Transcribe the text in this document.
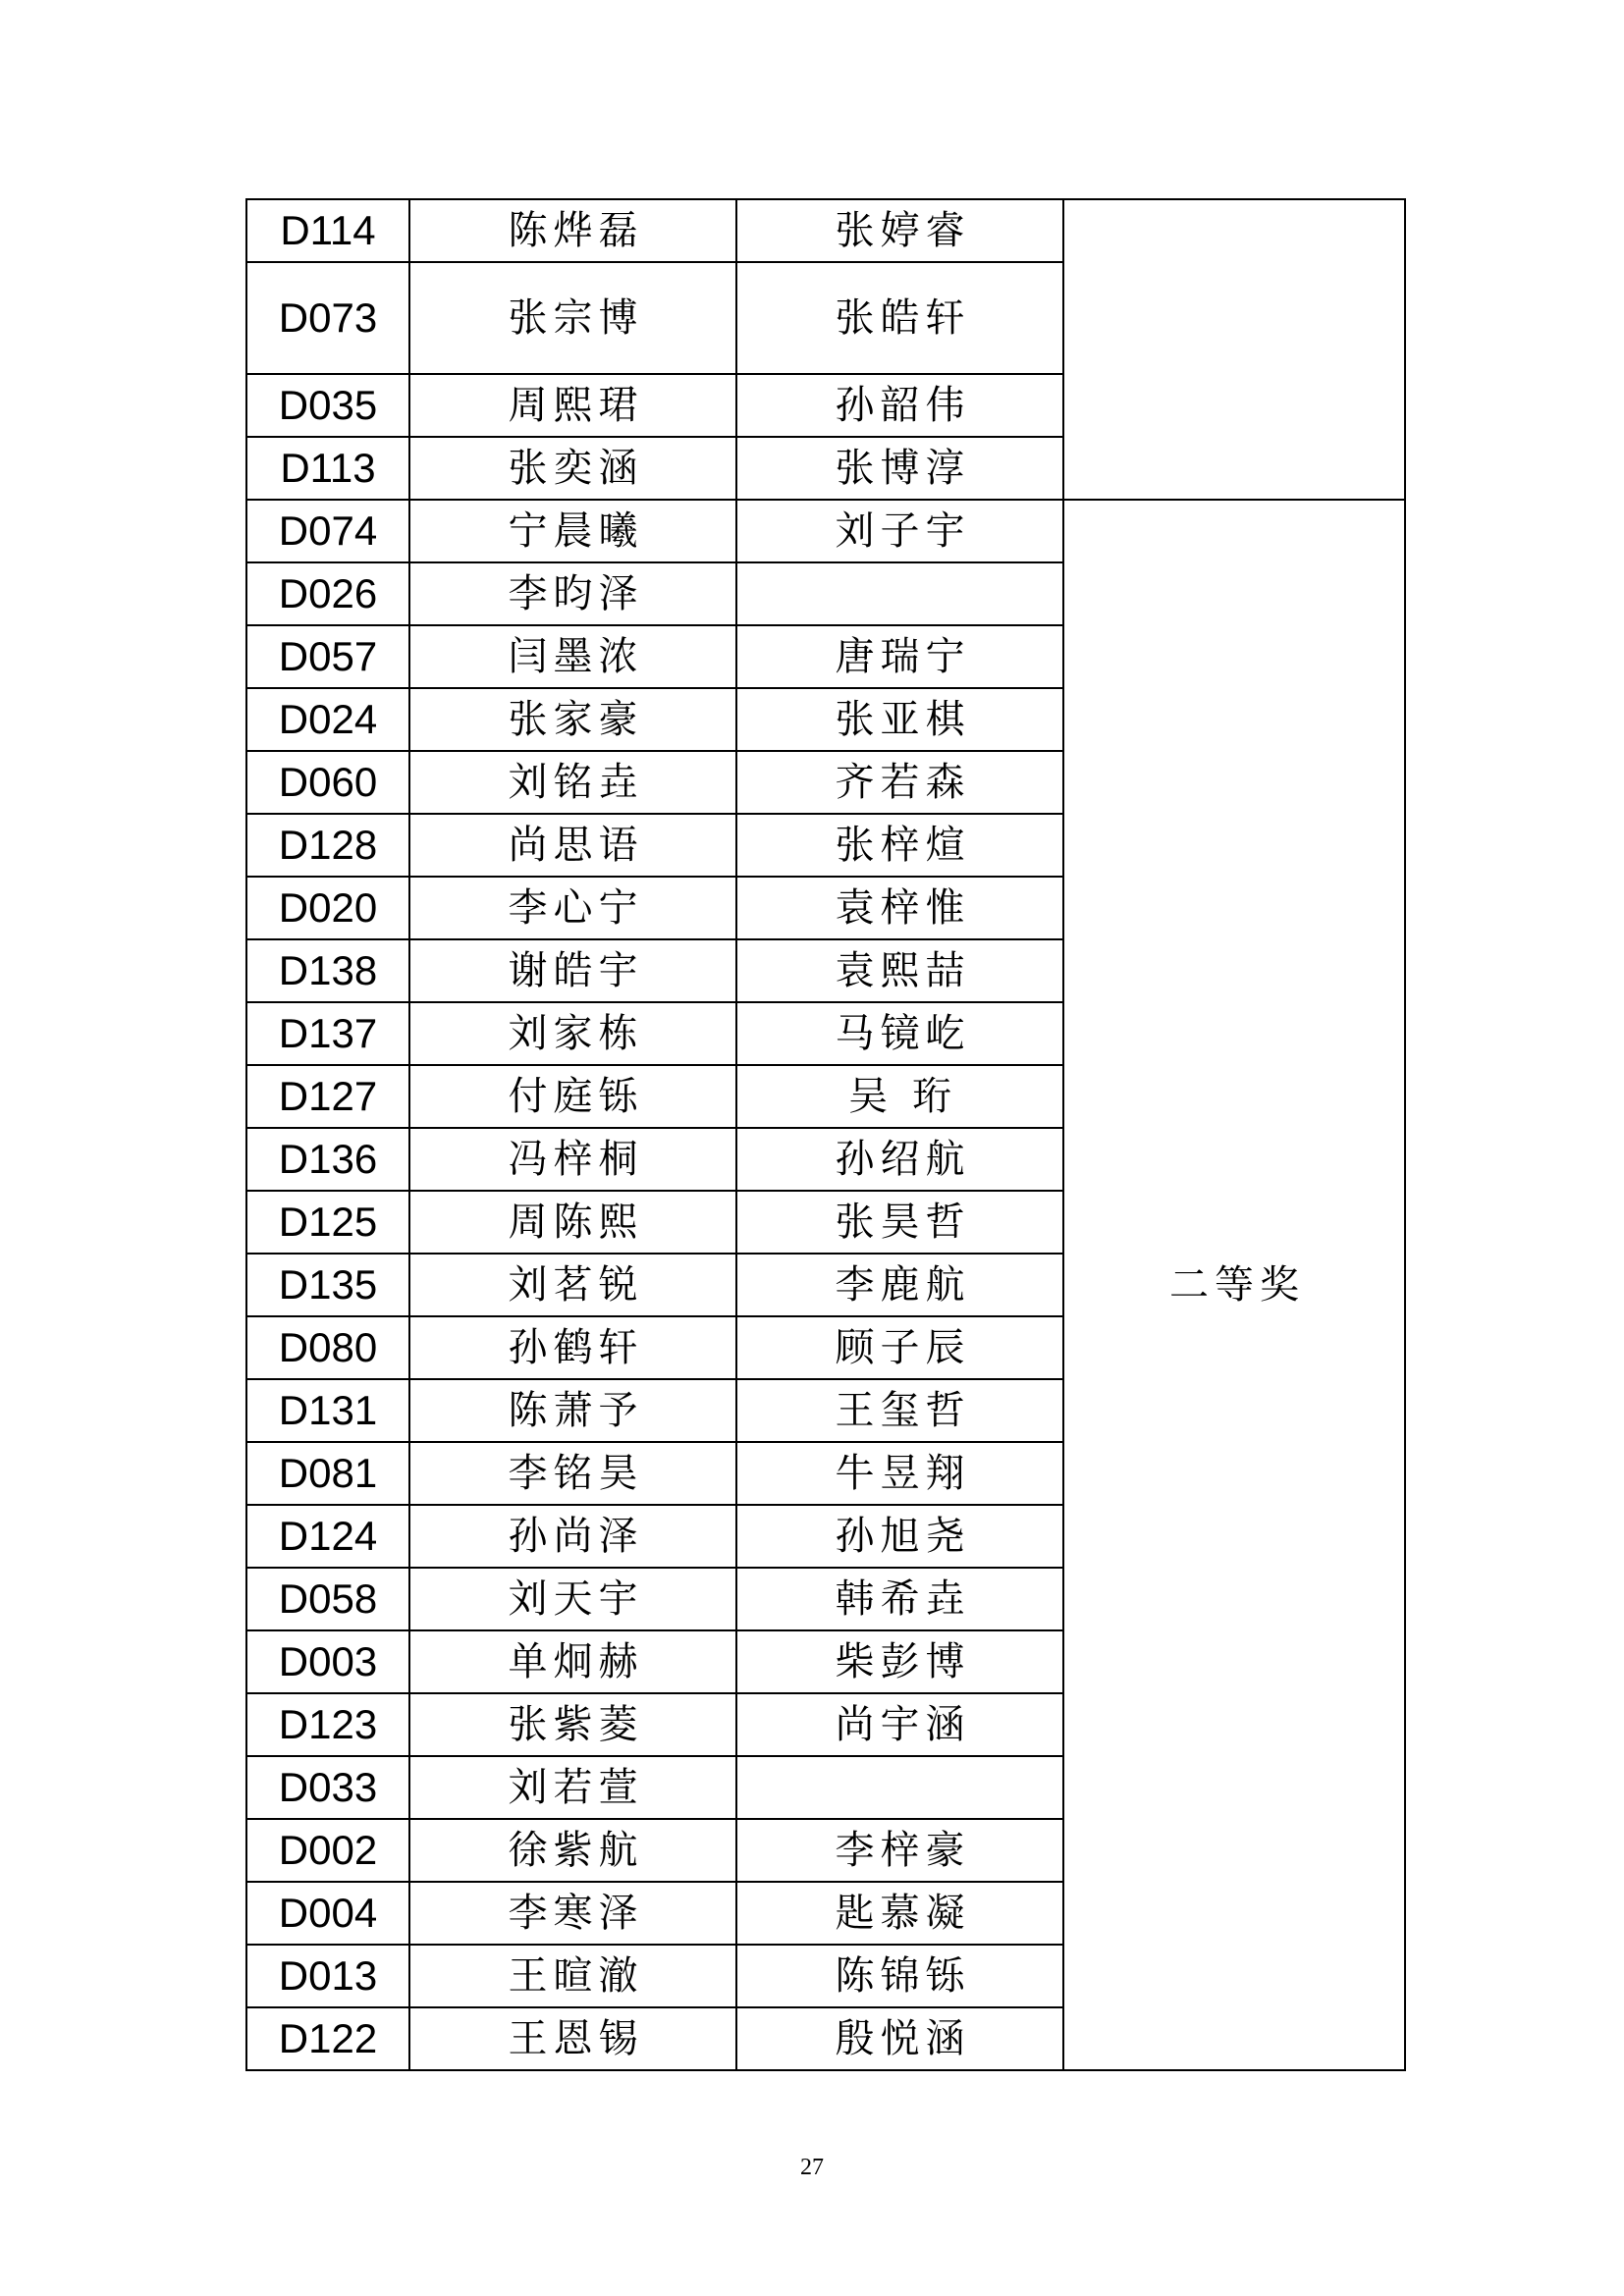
D114	陈烨磊	张婷睿	
D073	张宗博	张皓轩	
D035	周熙珺	孙韶伟	
D113	张奕涵	张博淳	
D074	宁晨曦	刘子宇	二等奖
D026	李昀泽		
D057	闫墨浓	唐瑞宁	
D024	张家豪	张亚棋	
D060	刘铭垚	齐若森	
D128	尚思语	张梓煊	
D020	李心宁	袁梓惟	
D138	谢皓宇	袁熙喆	
D137	刘家栋	马镜屹	
D127	付庭铄	吴 珩	
D136	冯梓桐	孙绍航	
D125	周陈熙	张昊哲	
D135	刘茗锐	李鹿航	
D080	孙鹤轩	顾子辰	
D131	陈萧予	王玺哲	
D081	李铭昊	牛昱翔	
D124	孙尚泽	孙旭尧	
D058	刘天宇	韩希垚	
D003	单炯赫	柴彭博	
D123	张紫菱	尚宇涵	
D033	刘若萱		
D002	徐紫航	李梓豪	
D004	李寒泽	匙慕凝	
D013	王暄澈	陈锦铄	
D122	王恩锡	殷悦涵	
27
